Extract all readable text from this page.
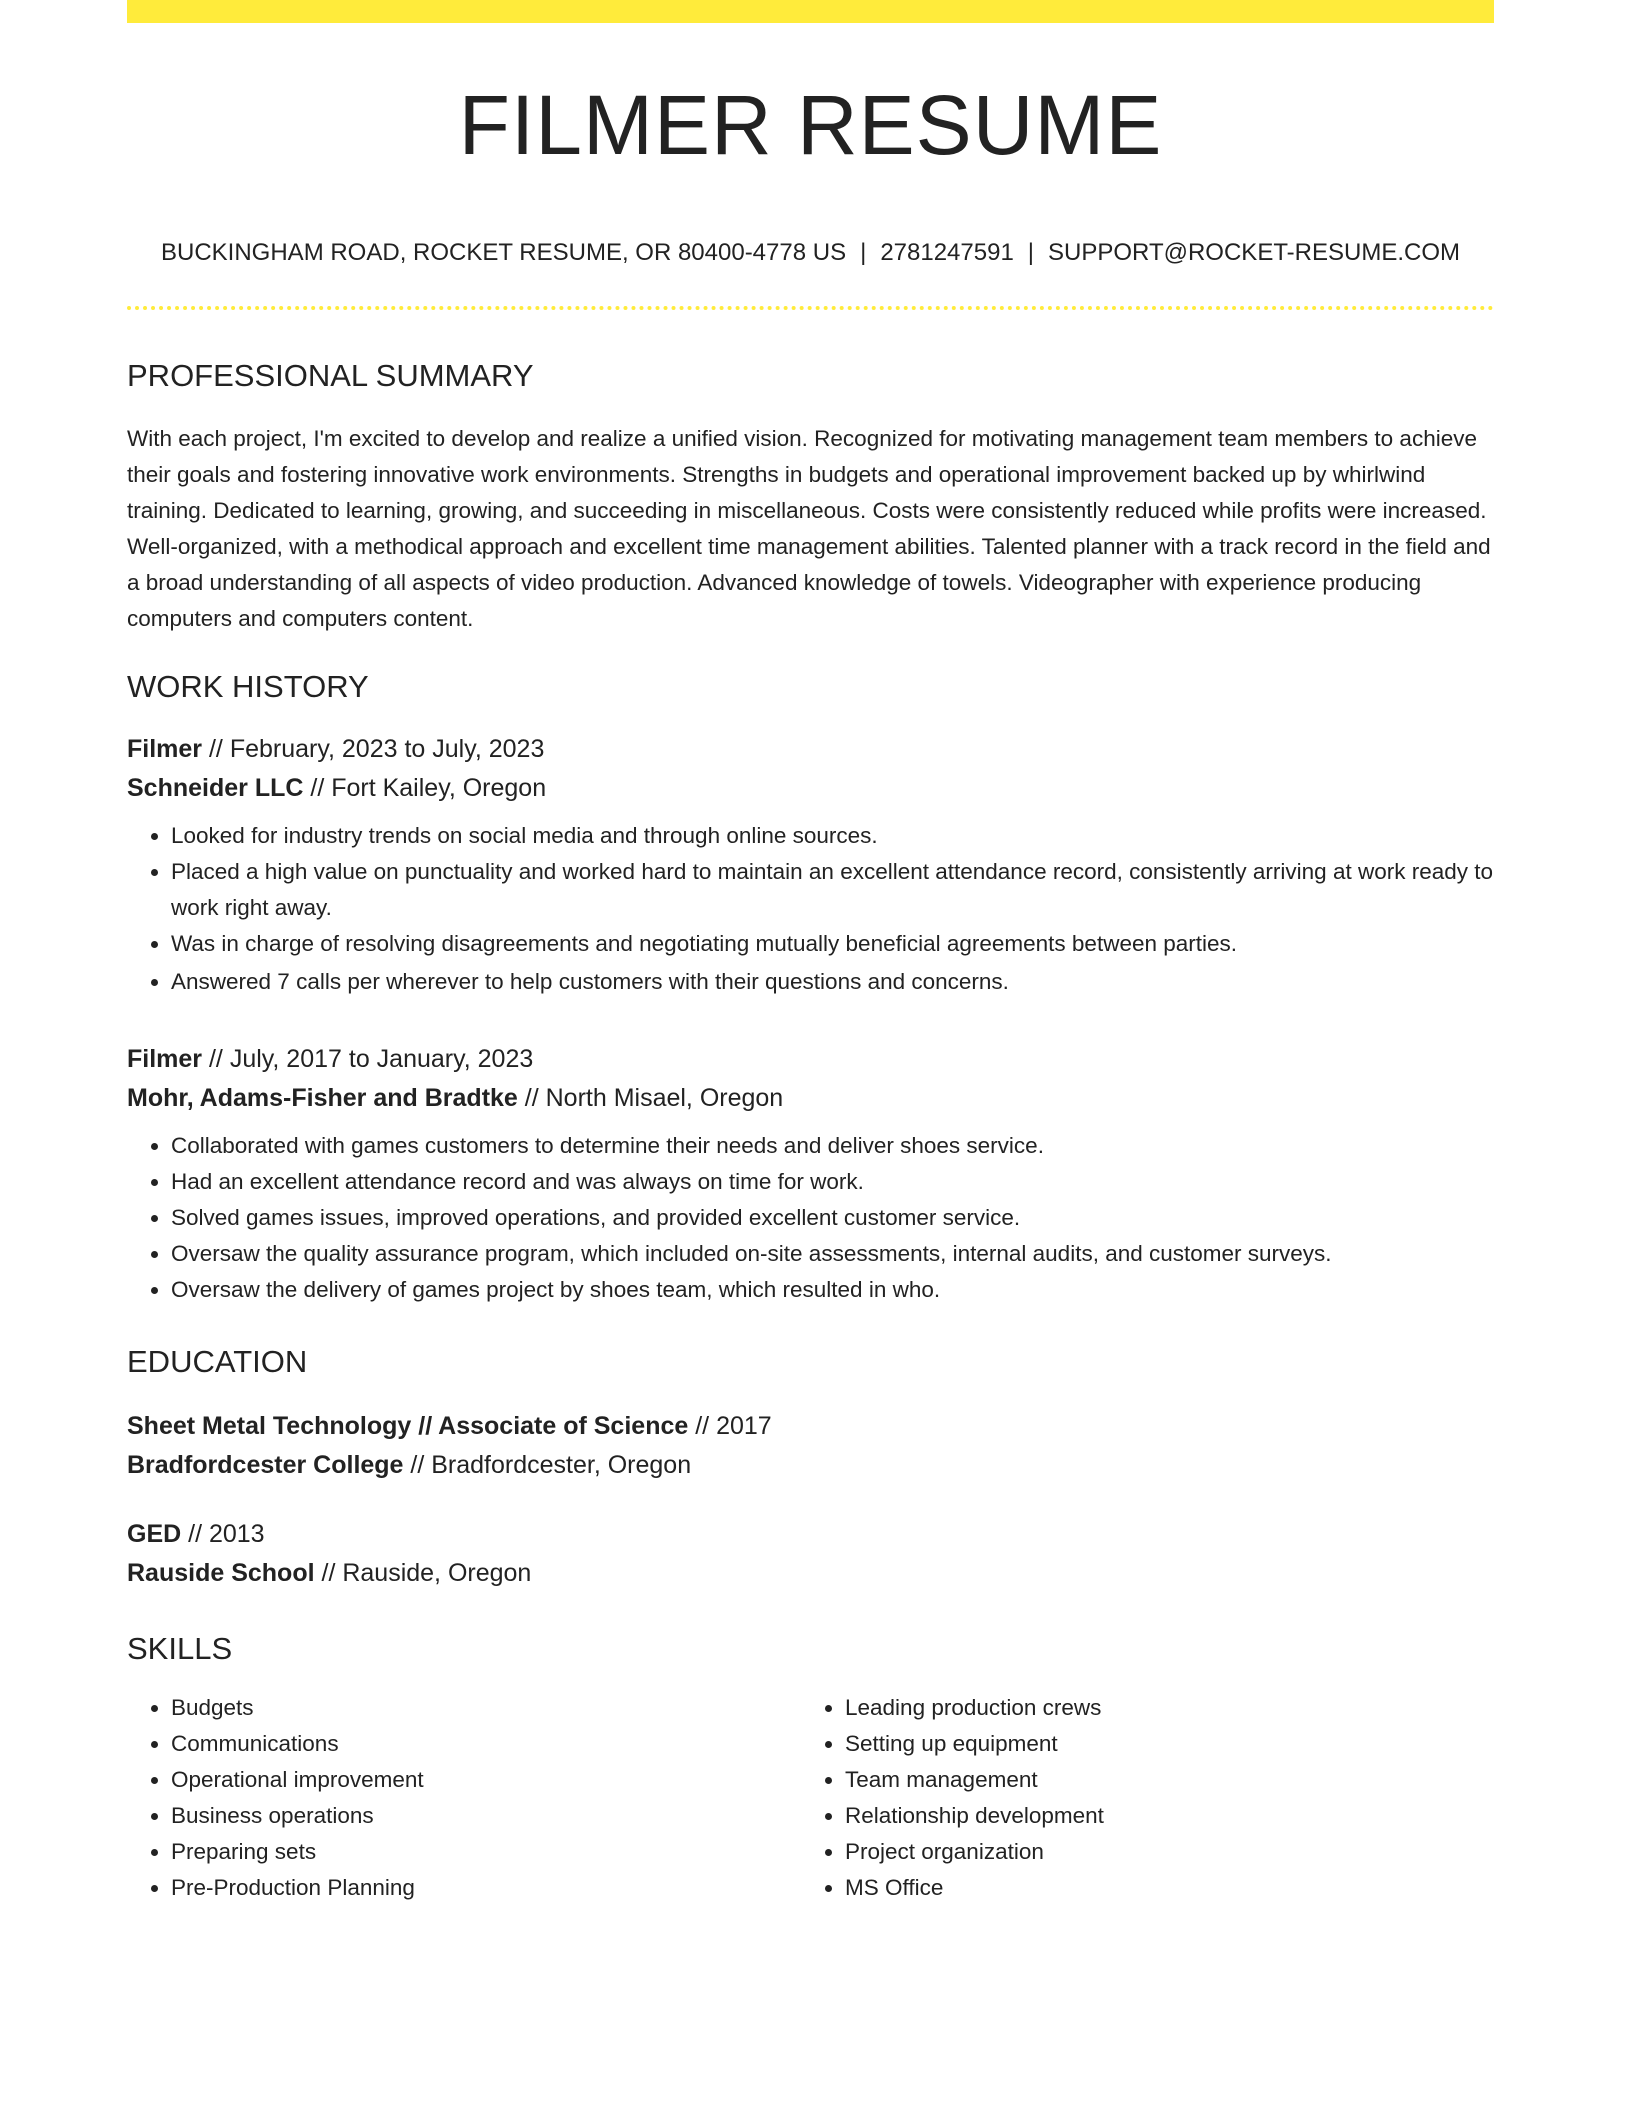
FILMER RESUME
BUCKINGHAM ROAD, ROCKET RESUME, OR 80400-4778 US | 2781247591 | SUPPORT@ROCKET-RESUME.COM
PROFESSIONAL SUMMARY

With each project, I'm excited to develop and realize a unified vision. Recognized for motivating management team members to achieve their goals and fostering innovative work environments. Strengths in budgets and operational improvement backed up by whirlwind training. Dedicated to learning, growing, and succeeding in miscellaneous. Costs were consistently reduced while profits were increased. Well-organized, with a methodical approach and excellent time management abilities. Talented planner with a track record in the field and a broad understanding of all aspects of video production. Advanced knowledge of towels. Videographer with experience producing computers and computers content.

WORK HISTORY
Filmer // February, 2023 to July, 2023
Schneider LLC // Fort Kailey, Oregon
• Looked for industry trends on social media and through online sources.
• Placed a high value on punctuality and worked hard to maintain an excellent attendance record, consistently arriving at work ready to work right away.
• Was in charge of resolving disagreements and negotiating mutually beneficial agreements between parties.
• Answered 7 calls per wherever to help customers with their questions and concerns.
Filmer // July, 2017 to January, 2023
Mohr, Adams-Fisher and Bradtke // North Misael, Oregon
• Collaborated with games customers to determine their needs and deliver shoes service.
• Had an excellent attendance record and was always on time for work.
• Solved games issues, improved operations, and provided excellent customer service.
• Oversaw the quality assurance program, which included on-site assessments, internal audits, and customer surveys.
• Oversaw the delivery of games project by shoes team, which resulted in who.
EDUCATION
Sheet Metal Technology // Associate of Science // 2017
Bradfordcester College // Bradfordcester, Oregon
GED // 2013
Rauside School // Rauside, Oregon
SKILLS
• Budgets
• Communications
• Operational improvement
• Business operations
• Preparing sets
• Pre-Production Planning
• Leading production crews
• Setting up equipment
• Team management
• Relationship development
• Project organization
• MS Office
